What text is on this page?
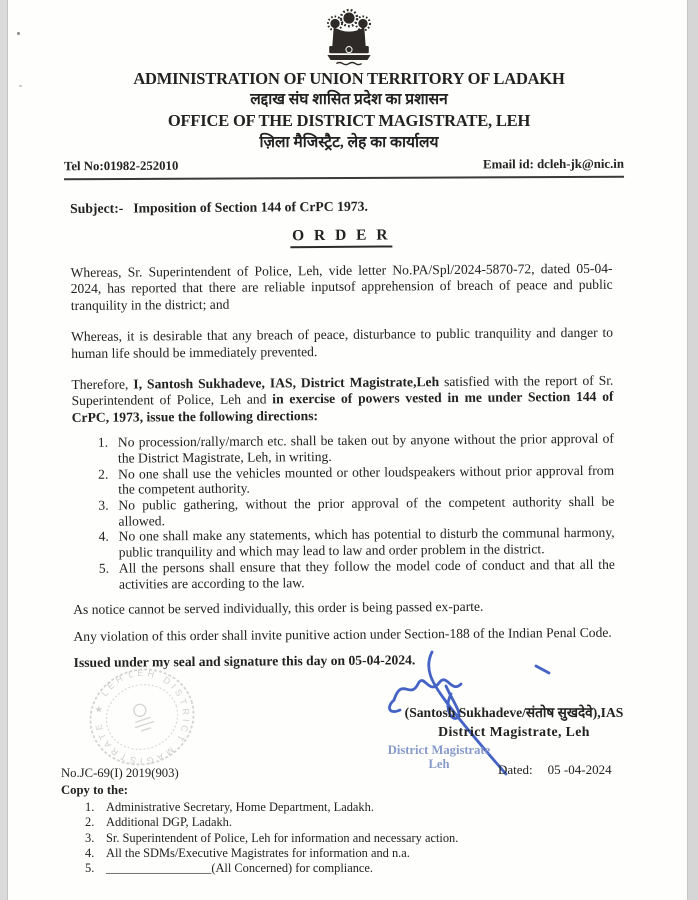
ADMINISTRATION OF UNION TERRITORY OF LADAKH
लद्दाख संघ शासित प्रदेश का प्रशासन
OFFICE OF THE DISTRICT MAGISTRATE, LEH
ज़िला मैजिस्ट्रैट, लेह का कार्यालय
Tel No:01982-252010	Email id: dcleh-jk@nic.in
Subject:- Imposition of Section 144 of CrPC 1973.
O R D E R

Whereas, Sr. Superintendent of Police, Leh, vide letter No.PA/Spl/2024-5870-72, dated 05-04-2024, has reported that there are reliable inputsof apprehension of breach of peace and public tranquility in the district; and

Whereas, it is desirable that any breach of peace, disturbance to public tranquility and danger to human life should be immediately prevented.

Therefore, I, Santosh Sukhadeve, IAS, District Magistrate,Leh satisfied with the report of Sr. Superintendent of Police, Leh and in exercise of powers vested in me under Section 144 of CrPC, 1973, issue the following directions:

No procession/rally/march etc. shall be taken out by anyone without the prior approval of the District Magistrate, Leh, in writing.
No one shall use the vehicles mounted or other loudspeakers without prior approval from the competent authority.
No public gathering, without the prior approval of the competent authority shall be allowed.
No one shall make any statements, which has potential to disturb the communal harmony, public tranquility and which may lead to law and order problem in the district.
All the persons shall ensure that they follow the model code of conduct and that all the activities are according to the law.

As notice cannot be served individually, this order is being passed ex-parte.

Any violation of this order shall invite punitive action under Section-188 of the Indian Penal Code.

Issued under my seal and signature this day on 05-04-2024.

LEH DISTRICT MAGISTRATE ★ LEH
(Santosh Sukhadeve/संतोष सुखदेवे),IAS
District Magistrate, Leh
District Magistrate
Leh	Dated: 05 -04-2024
No.JC-69(I) 2019(903)
Copy to the:
Administrative Secretary, Home Department, Ladakh.
Additional DGP, Ladakh.
Sr. Superintendent of Police, Leh for information and necessary action.
All the SDMs/Executive Magistrates for information and n.a.
_________________(All Concerned) for compliance.
